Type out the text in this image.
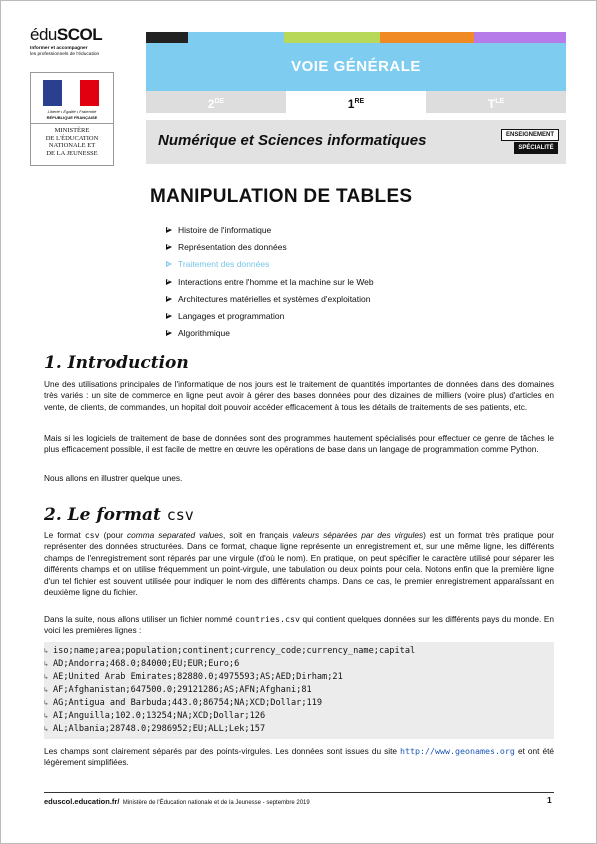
éduSCOL
Informer et accompagner
les professionnels de l'éducation
Liberté • Égalité • Fraternité
RÉPUBLIQUE FRANÇAISE
MINISTÈRE
DE L'ÉDUCATION
NATIONALE ET
DE LA JEUNESSE
VOIE GÉNÉRALE
2DE	1RE	$T^{LE}$
Numérique et Sciences informatiques	ENSEIGNEMENT
SPÉCIALITÉ
MANIPULATION DE TABLES
Histoire de l'informatique
Représentation des données
Traitement des données
Interactions entre l'homme et la machine sur le Web
Architectures matérielles et systèmes d'exploitation
Langages et programmation
Algorithmique
1. Introduction
Une des utilisations principales de l'informatique de nos jours est le traitement de quantités importantes de données dans des domaines très variés : un site de commerce en ligne peut avoir à gérer des bases données pour des dizaines de milliers (voire plus) d'articles en vente, de clients, de commandes, un hopital doit pouvoir accéder efficacement à tous les détails de traitements de ses patients, etc.
Mais si les logiciels de traitement de base de données sont des programmes hautement spécialisés pour effectuer ce genre de tâches le plus efficacement possible, il est facile de mettre en œuvre les opérations de base dans un langage de programmation comme Python.
Nous allons en illustrer quelque unes.
2. Le format csv
Le format csv (pour comma separated values, soit en français valeurs séparées par des virgules) est un format très pratique pour représenter des données structurées. Dans ce format, chaque ligne représente un enregistrement et, sur une même ligne, les différents champs de l'enregistrement sont réparés par une virgule (d'où le nom). En pratique, on peut spécifier le caractère utilisé pour séparer les différents champs et on utilise fréquemment un point-virgule, une tabulation ou deux points pour cela. Notons enfin que la première ligne d'un tel fichier est souvent utilisée pour indiquer le nom des différents champs. Dans ce cas, le premier enregistrement apparaîssant en deuxième ligne du fichier.
Dans la suite, nous allons utiliser un fichier nommé countries.csv qui contient quelques données sur les différents pays du monde. En voici les premières lignes :
↳ iso;name;area;population;continent;currency_code;currency_name;capital
↳ AD;Andorra;468.0;84000;EU;EUR;Euro;6
↳ AE;United Arab Emirates;82880.0;4975593;AS;AED;Dirham;21
↳ AF;Afghanistan;647500.0;29121286;AS;AFN;Afghani;81
↳ AG;Antigua and Barbuda;443.0;86754;NA;XCD;Dollar;119
↳ AI;Anguilla;102.0;13254;NA;XCD;Dollar;126
↳ AL;Albania;28748.0;2986952;EU;ALL;Lek;157
Les champs sont clairement séparés par des points-virgules. Les données sont issues du site http://www.geonames.org et ont été légèrement simplifiées.
eduscol.education.fr/ Ministère de l'Éducation nationale et de la Jeunesse - septembre 2019	1
